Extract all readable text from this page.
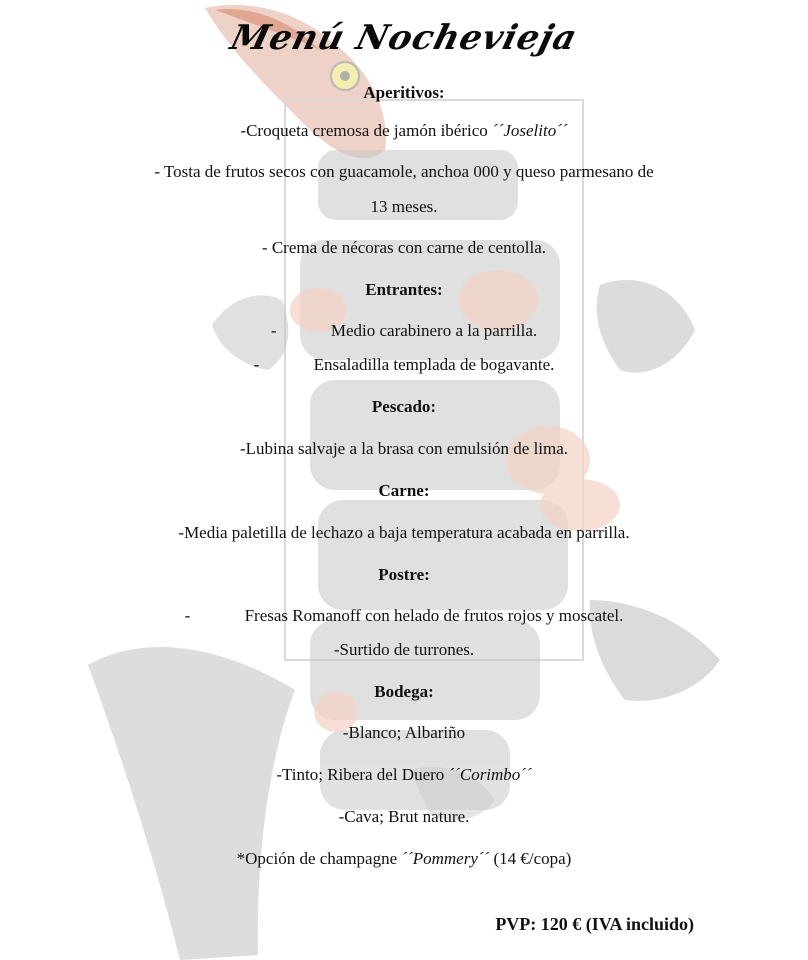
Menú Nochevieja
Aperitivos:
-Croqueta cremosa de jamón ibérico ´´Joselito´´
- Tosta de frutos secos con guacamole, anchoa 000 y queso parmesano de
13 meses.
- Crema de nécoras con carne de centolla.
Entrantes:
-	Medio carabinero a la parrilla.
-	Ensaladilla templada de bogavante.
Pescado:
-Lubina salvaje a la brasa con emulsión de lima.
Carne:
-Media paletilla de lechazo a baja temperatura acabada en parrilla.
Postre:
-	Fresas Romanoff con helado de frutos rojos y moscatel.
-Surtido de turrones.
Bodega:
-Blanco; Albariño
-Tinto; Ribera del Duero ´´Corimbo´´
-Cava; Brut nature.
*Opción de champagne ´´Pommery´´ (14 €/copa)
PVP: 120 € (IVA incluido)
